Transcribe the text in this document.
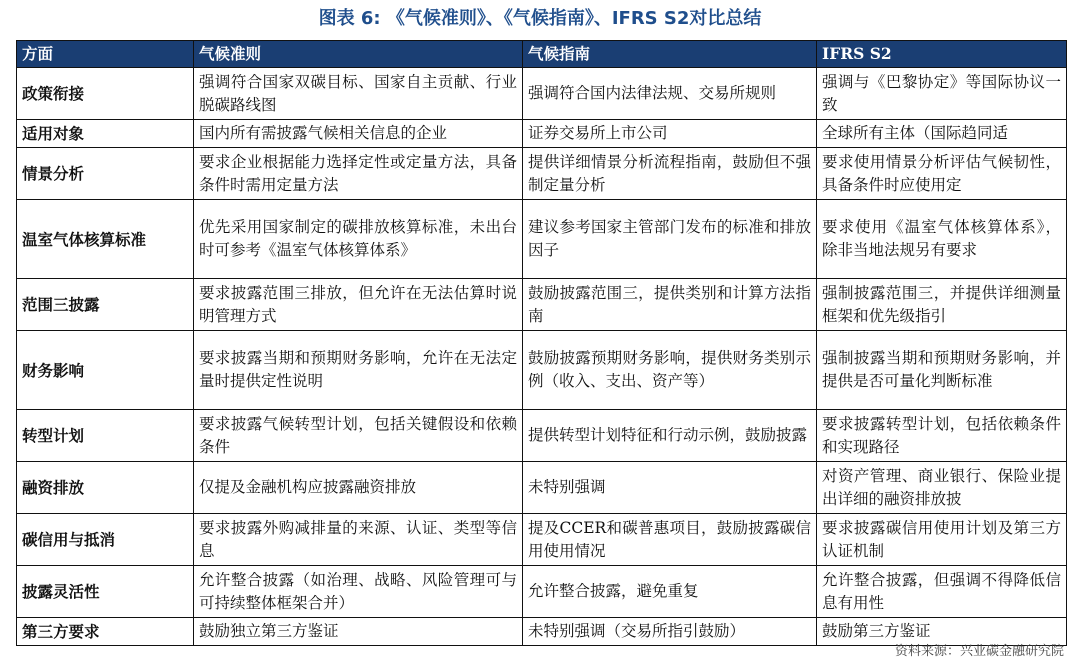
图表 6: 《气候准则》、《气候指南》、IFRS S2对比总结
方面	气候准则	气候指南	IFRS S2
政策衔接	强调符合国家双碳目标、国家自主贡献、行业脱碳路线图	强调符合国内法律法规、交易所规则	强调与《巴黎协定》等国际协议一致
适用对象	国内所有需披露气候相关信息的企业	证券交易所上市公司	全球所有主体（国际趋同适
情景分析	要求企业根据能力选择定性或定量方法，具备条件时需用定量方法	提供详细情景分析流程指南，鼓励但不强制定量分析	要求使用情景分析评估气候韧性，具备条件时应使用定
温室气体核算标准	优先采用国家制定的碳排放核算标准，未出台时可参考《温室气体核算体系》	建议参考国家主管部门发布的标准和排放因子	要求使用《温室气体核算体系》，除非当地法规另有要求
范围三披露	要求披露范围三排放，但允许在无法估算时说明管理方式	鼓励披露范围三，提供类别和计算方法指南	强制披露范围三，并提供详细测量框架和优先级指引
财务影响	要求披露当期和预期财务影响，允许在无法定量时提供定性说明	鼓励披露预期财务影响，提供财务类别示例（收入、支出、资产等）	强制披露当期和预期财务影响，并提供是否可量化判断标准
转型计划	要求披露气候转型计划，包括关键假设和依赖条件	提供转型计划特征和行动示例，鼓励披露	要求披露转型计划，包括依赖条件和实现路径
融资排放	仅提及金融机构应披露融资排放	未特别强调	对资产管理、商业银行、保险业提出详细的融资排放披
碳信用与抵消	要求披露外购减排量的来源、认证、类型等信息	提及CCER和碳普惠项目，鼓励披露碳信用使用情况	要求披露碳信用使用计划及第三方认证机制
披露灵活性	允许整合披露（如治理、战略、风险管理可与可持续整体框架合并）	允许整合披露，避免重复	允许整合披露，但强调不得降低信息有用性
第三方要求	鼓励独立第三方鉴证	未特别强调（交易所指引鼓励）	鼓励第三方鉴证
资料来源：兴业碳金融研究院
